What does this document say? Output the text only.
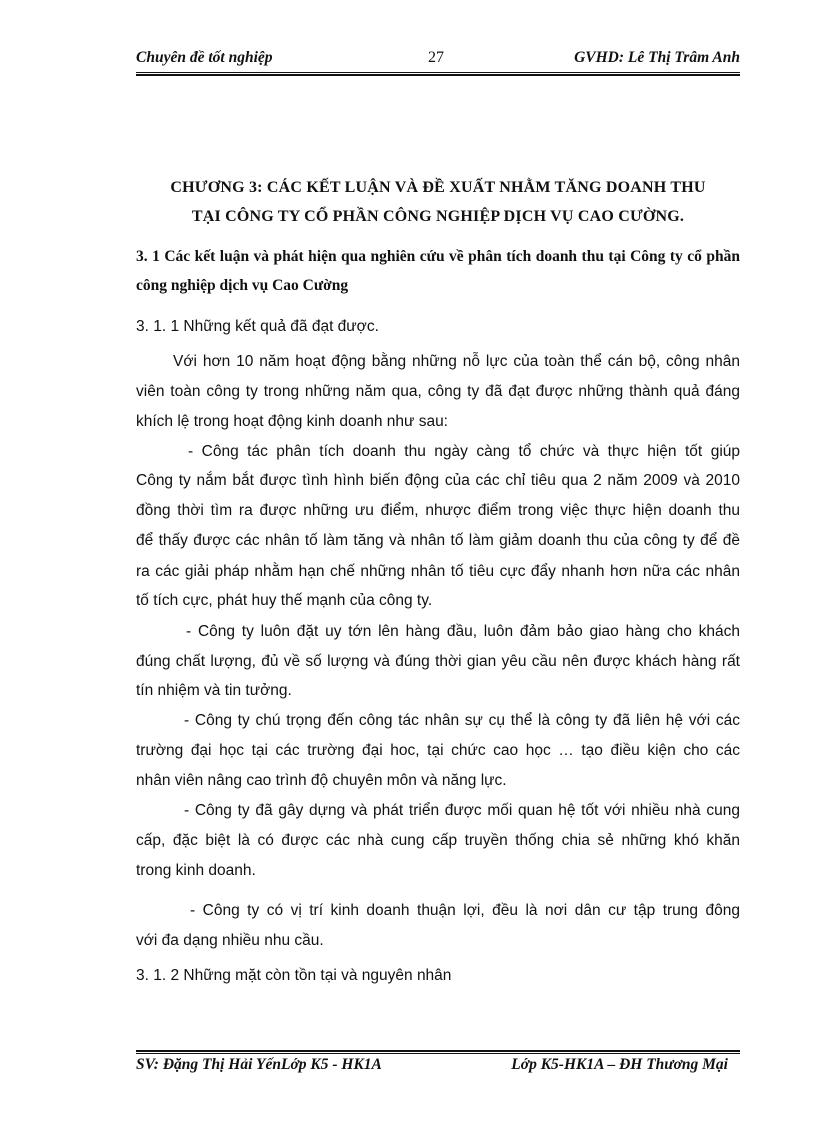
Chuyên đề tốt nghiệp	27	GVHD: Lê Thị Trâm Anh
CHƯƠNG 3: CÁC KẾT LUẬN VÀ ĐỀ XUẤT NHẰM TĂNG DOANH THU
TẠI CÔNG TY CỔ PHẦN CÔNG NGHIỆP DỊCH VỤ CAO CƯỜNG.
3. 1 Các kết luận và phát hiện qua nghiên cứu về phân tích doanh thu tại Công ty cổ phần công nghiệp dịch vụ Cao Cường
3. 1. 1 Những kết quả đã đạt được.
Với hơn 10 năm hoạt động bằng những nỗ lực của toàn thể cán bộ, công nhân
viên toàn công ty trong những năm qua, công ty đã đạt được những thành quả đáng
khích lệ trong hoạt động kinh doanh như sau:
- Công tác phân tích doanh thu ngày càng tổ chức và thực hiện tốt giúp
Công ty nắm bắt được tình hình biến động của các chỉ tiêu qua 2 năm 2009 và 2010
đồng thời tìm ra được những ưu điểm, nhược điểm trong việc thực hiện doanh thu
để thấy được các nhân tố làm tăng và nhân tố làm giảm doanh thu của công ty để đề
ra các giải pháp nhằm hạn chế những nhân tố tiêu cực đẩy nhanh hơn nữa các nhân
tố tích cực, phát huy thế mạnh của công ty.
- Công ty luôn đặt uy tớn lên hàng đầu, luôn đảm bảo giao hàng cho khách
đúng chất lượng, đủ về số lượng và đúng thời gian yêu cầu nên được khách hàng rất
tín nhiệm và tin tưởng.
- Công ty chú trọng đến công tác nhân sự cụ thể là công ty đã liên hệ với các
trường đại học tại các trường đại hoc, tại chức cao học … tạo điều kiện cho các
nhân viên nâng cao trình độ chuyên môn và năng lực.
- Công ty đã gây dựng và phát triển được mối quan hệ tốt với nhiều nhà cung
cấp, đặc biệt là có được các nhà cung cấp truyền thống chia sẻ những khó khăn
trong kinh doanh.
- Công ty có vị trí kinh doanh thuận lợi, đều là nơi dân cư tập trung đông
với đa dạng nhiều nhu cầu.
3. 1. 2 Những mặt còn tồn tại và nguyên nhân
SV: Đặng Thị Hải YếnLớp K5 - HK1A	Lớp K5-HK1A – ĐH Thương Mại
